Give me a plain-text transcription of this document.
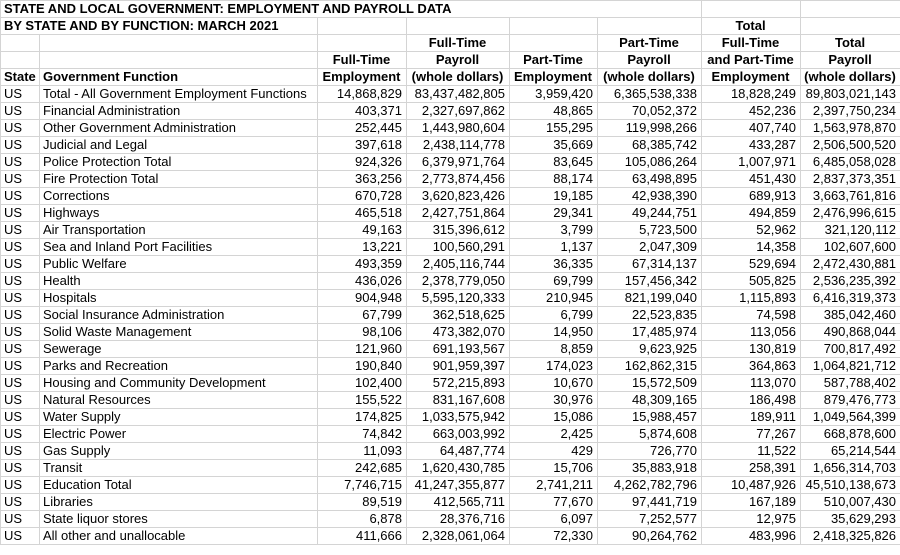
STATE AND LOCAL GOVERNMENT: EMPLOYMENT AND PAYROLL DATA							
BY STATE AND BY FUNCTION: MARCH 2021						Total	
			Full-Time		Part-Time	Full-Time	Total
		Full-Time	Payroll	Part-Time	Payroll	and Part-Time	Payroll
State	Government Function	Employment	(whole dollars)	Employment	(whole dollars)	Employment	(whole dollars)
US	Total - All Government Employment Functions	14,868,829	83,437,482,805	3,959,420	6,365,538,338	18,828,249	89,803,021,143
US	Financial Administration	403,371	2,327,697,862	48,865	70,052,372	452,236	2,397,750,234
US	Other Government Administration	252,445	1,443,980,604	155,295	119,998,266	407,740	1,563,978,870
US	Judicial and Legal	397,618	2,438,114,778	35,669	68,385,742	433,287	2,506,500,520
US	Police Protection Total	924,326	6,379,971,764	83,645	105,086,264	1,007,971	6,485,058,028
US	Fire Protection Total	363,256	2,773,874,456	88,174	63,498,895	451,430	2,837,373,351
US	Corrections	670,728	3,620,823,426	19,185	42,938,390	689,913	3,663,761,816
US	Highways	465,518	2,427,751,864	29,341	49,244,751	494,859	2,476,996,615
US	Air Transportation	49,163	315,396,612	3,799	5,723,500	52,962	321,120,112
US	Sea and Inland Port Facilities	13,221	100,560,291	1,137	2,047,309	14,358	102,607,600
US	Public Welfare	493,359	2,405,116,744	36,335	67,314,137	529,694	2,472,430,881
US	Health	436,026	2,378,779,050	69,799	157,456,342	505,825	2,536,235,392
US	Hospitals	904,948	5,595,120,333	210,945	821,199,040	1,115,893	6,416,319,373
US	Social Insurance Administration	67,799	362,518,625	6,799	22,523,835	74,598	385,042,460
US	Solid Waste Management	98,106	473,382,070	14,950	17,485,974	113,056	490,868,044
US	Sewerage	121,960	691,193,567	8,859	9,623,925	130,819	700,817,492
US	Parks and Recreation	190,840	901,959,397	174,023	162,862,315	364,863	1,064,821,712
US	Housing and Community Development	102,400	572,215,893	10,670	15,572,509	113,070	587,788,402
US	Natural Resources	155,522	831,167,608	30,976	48,309,165	186,498	879,476,773
US	Water Supply	174,825	1,033,575,942	15,086	15,988,457	189,911	1,049,564,399
US	Electric Power	74,842	663,003,992	2,425	5,874,608	77,267	668,878,600
US	Gas Supply	11,093	64,487,774	429	726,770	11,522	65,214,544
US	Transit	242,685	1,620,430,785	15,706	35,883,918	258,391	1,656,314,703
US	Education Total	7,746,715	41,247,355,877	2,741,211	4,262,782,796	10,487,926	45,510,138,673
US	Libraries	89,519	412,565,711	77,670	97,441,719	167,189	510,007,430
US	State liquor stores	6,878	28,376,716	6,097	7,252,577	12,975	35,629,293
US	All other and unallocable	411,666	2,328,061,064	72,330	90,264,762	483,996	2,418,325,826
